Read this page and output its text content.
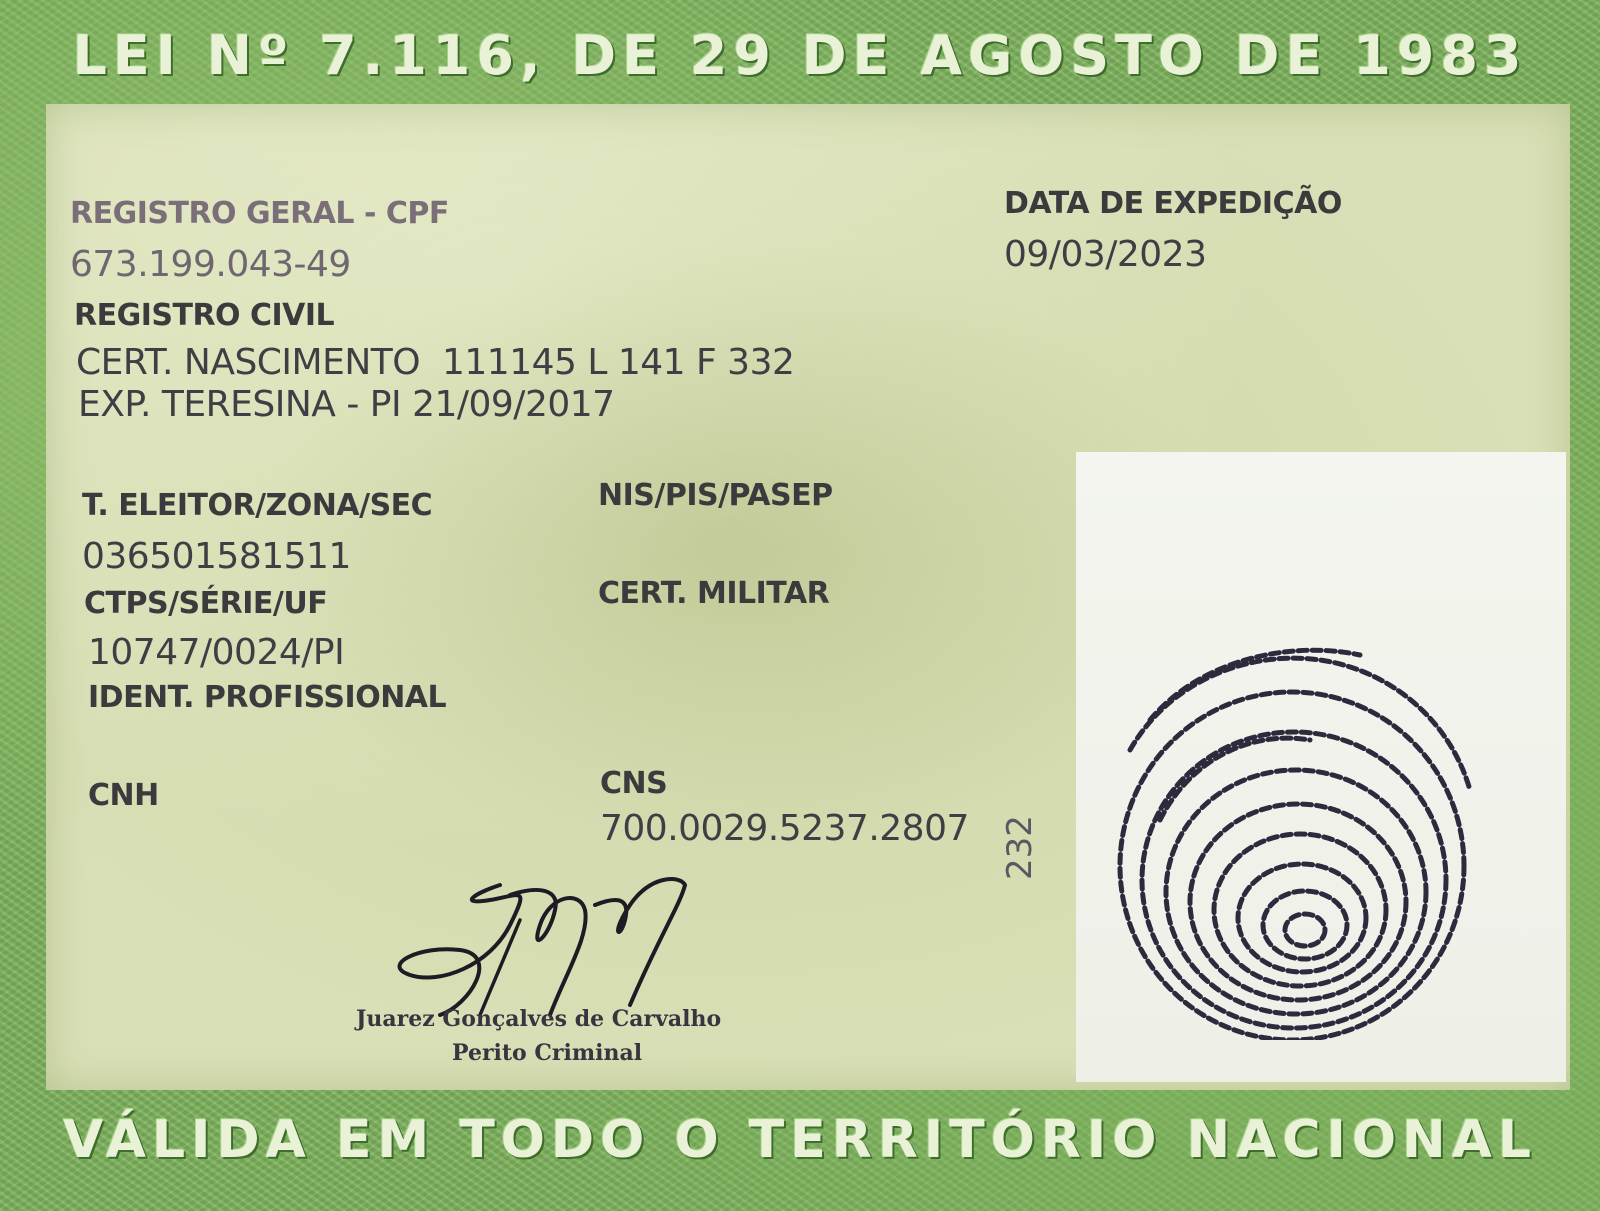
LEI Nº 7.116, DE 29 DE AGOSTO DE 1983
REGISTRO GERAL - CPF
673.199.043-49
DATA DE EXPEDIÇÃO
09/03/2023
REGISTRO CIVIL
CERT. NASCIMENTO  111145 L 141 F 332
EXP. TERESINA - PI 21/09/2017
T. ELEITOR/ZONA/SEC
036501581511
NIS/PIS/PASEP
CTPS/SÉRIE/UF
10747/0024/PI
CERT. MILITAR
IDENT. PROFISSIONAL
CNH	CNS
700.0029.5237.2807 232
Juarez Gonçalves de Carvalho
Perito Criminal
VÁLIDA EM TODO O TERRITÓRIO NACIONAL
